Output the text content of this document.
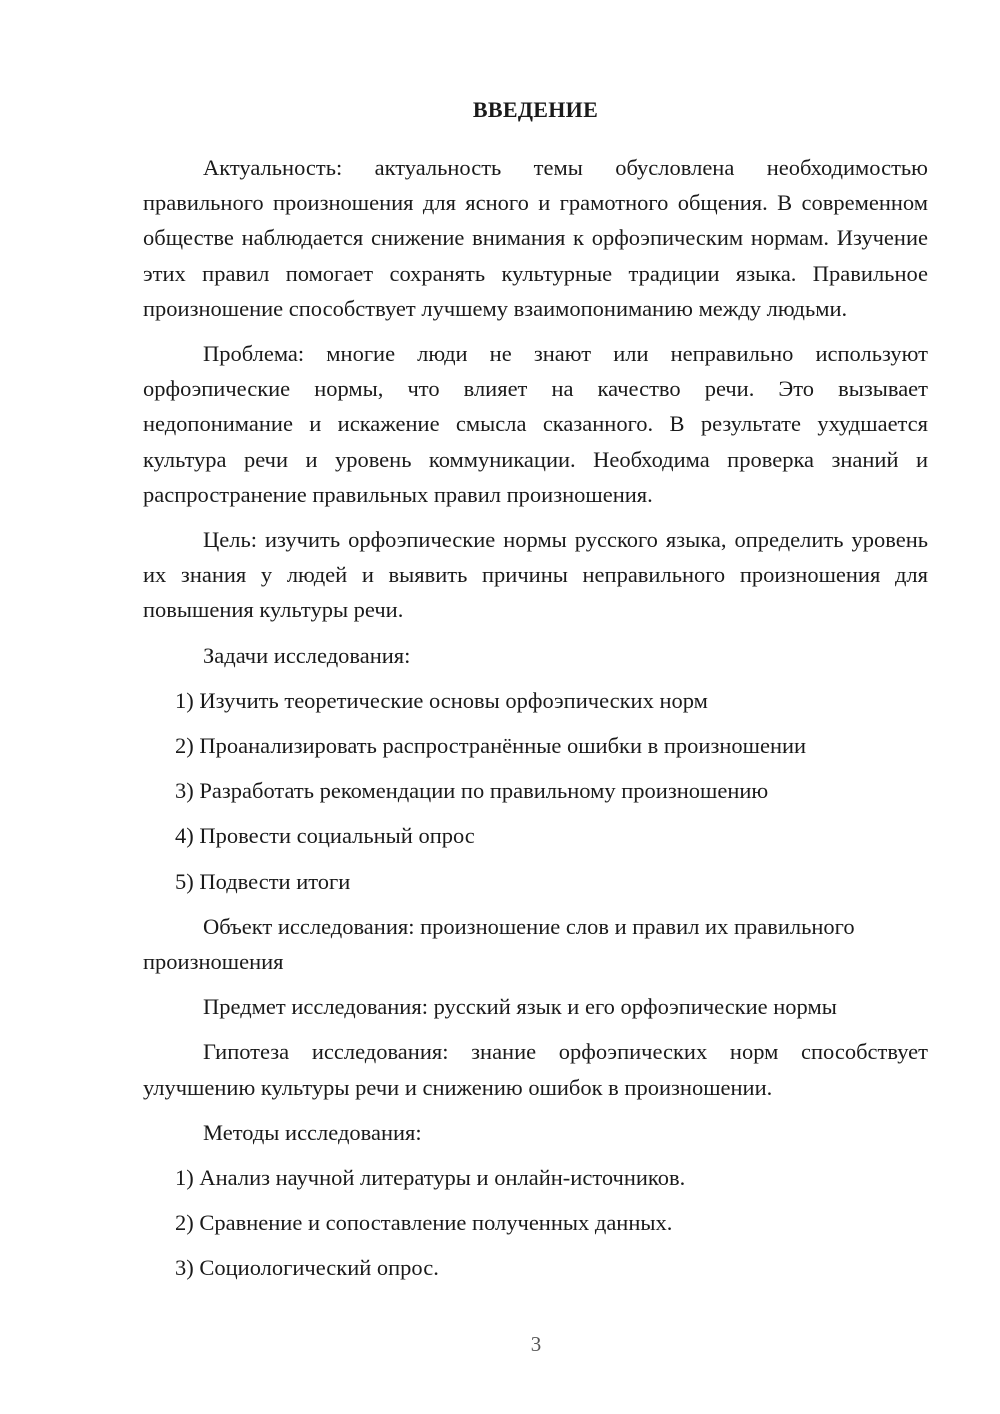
ВВЕДЕНИЕ

Актуальность: актуальность темы обусловлена необходимостью правильного произношения для ясного и грамотного общения. В современном обществе наблюдается снижение внимания к орфоэпическим нормам. Изучение этих правил помогает сохранять культурные традиции языка. Правильное произношение способствует лучшему взаимопониманию между людьми.

Проблема: многие люди не знают или неправильно используют орфоэпические нормы, что влияет на качество речи. Это вызывает недопонимание и искажение смысла сказанного. В результате ухудшается культура речи и уровень коммуникации. Необходима проверка знаний и распространение правильных правил произношения.

Цель: изучить орфоэпические нормы русского языка, определить уровень их знания у людей и выявить причины неправильного произношения для повышения культуры речи.

Задачи исследования:

1) Изучить теоретические основы орфоэпических норм
2) Проанализировать распространённые ошибки в произношении
3) Разработать рекомендации по правильному произношению
4) Провести социальный опрос
5) Подвести итоги

Объект исследования: произношение слов и правил их правильного произношения

Предмет исследования: русский язык и его орфоэпические нормы

Гипотеза исследования: знание орфоэпических норм способствует улучшению культуры речи и снижению ошибок в произношении.

Методы исследования:

1) Анализ научной литературы и онлайн-источников.
2) Сравнение и сопоставление полученных данных.
3) Социологический опрос.
3
